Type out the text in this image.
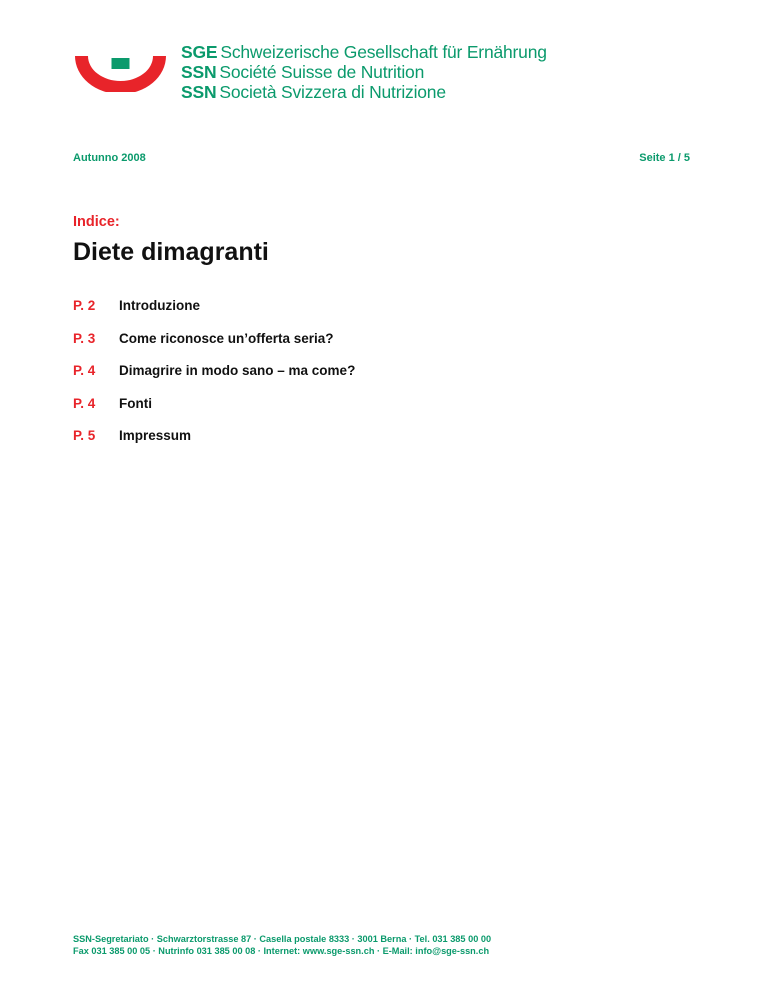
SGE Schweizerische Gesellschaft für Ernährung
SSN Société Suisse de Nutrition
SSN Società Svizzera di Nutrizione
Autunno 2008	Seite 1 / 5
Indice:
Diete dimagranti
P. 2	Introduzione
P. 3	Come riconosce un’offerta seria?
P. 4	Dimagrire in modo sano – ma come?
P. 4	Fonti
P. 5	Impressum
SSN-Segretariato · Schwarztorstrasse 87 · Casella postale 8333 · 3001 Berna · Tel. 031 385 00 00
Fax 031 385 00 05 · Nutrinfo 031 385 00 08 · Internet: www.sge-ssn.ch · E-Mail: info@sge-ssn.ch
